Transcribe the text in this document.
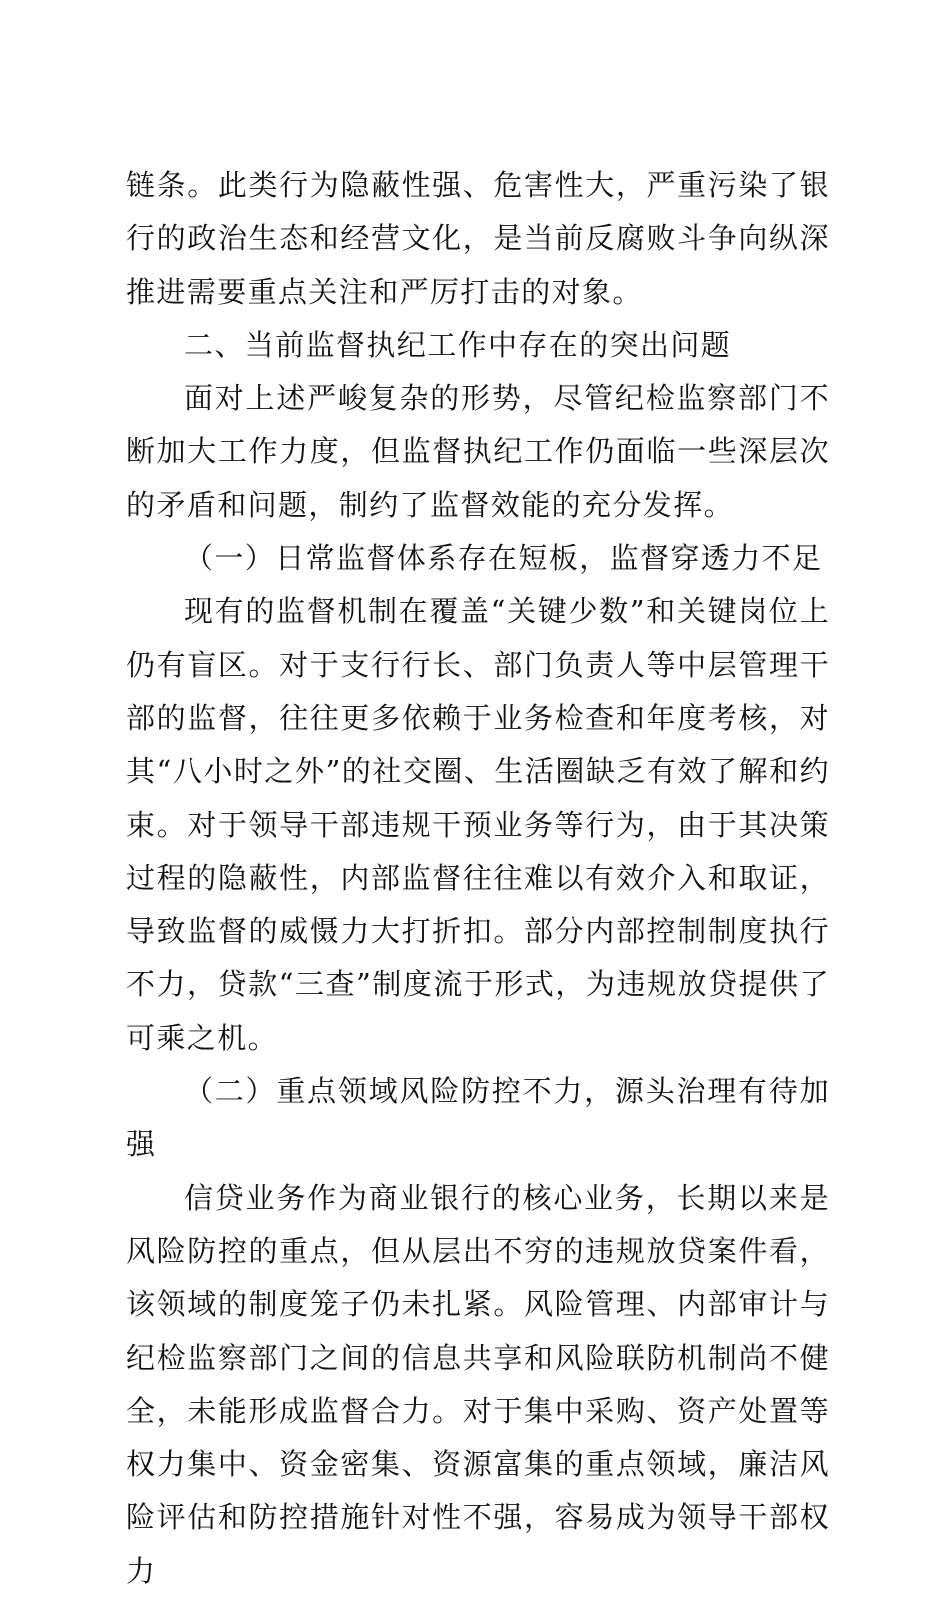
链条。此类行为隐蔽性强、危害性大，严重污染了银行的政治生态和经营文化，是当前反腐败斗争向纵深推进需要重点关注和严厉打击的对象。

二、当前监督执纪工作中存在的突出问题

面对上述严峻复杂的形势，尽管纪检监察部门不断加大工作力度，但监督执纪工作仍面临一些深层次的矛盾和问题，制约了监督效能的充分发挥。

（一）日常监督体系存在短板，监督穿透力不足

现有的监督机制在覆盖“关键少数”和关键岗位上仍有盲区。对于支行行长、部门负责人等中层管理干部的监督，往往更多依赖于业务检查和年度考核，对其“八小时之外”的社交圈、生活圈缺乏有效了解和约束。对于领导干部违规干预业务等行为，由于其决策过程的隐蔽性，内部监督往往难以有效介入和取证，导致监督的威慑力大打折扣。部分内部控制制度执行不力，贷款“三查”制度流于形式，为违规放贷提供了可乘之机。

（二）重点领域风险防控不力，源头治理有待加强

信贷业务作为商业银行的核心业务，长期以来是风险防控的重点，但从层出不穷的违规放贷案件看，该领域的制度笼子仍未扎紧。风险管理、内部审计与纪检监察部门之间的信息共享和风险联防机制尚不健全，未能形成监督合力。对于集中采购、资产处置等权力集中、资金密集、资源富集的重点领域，廉洁风险评估和防控措施针对性不强，容易成为领导干部权力
